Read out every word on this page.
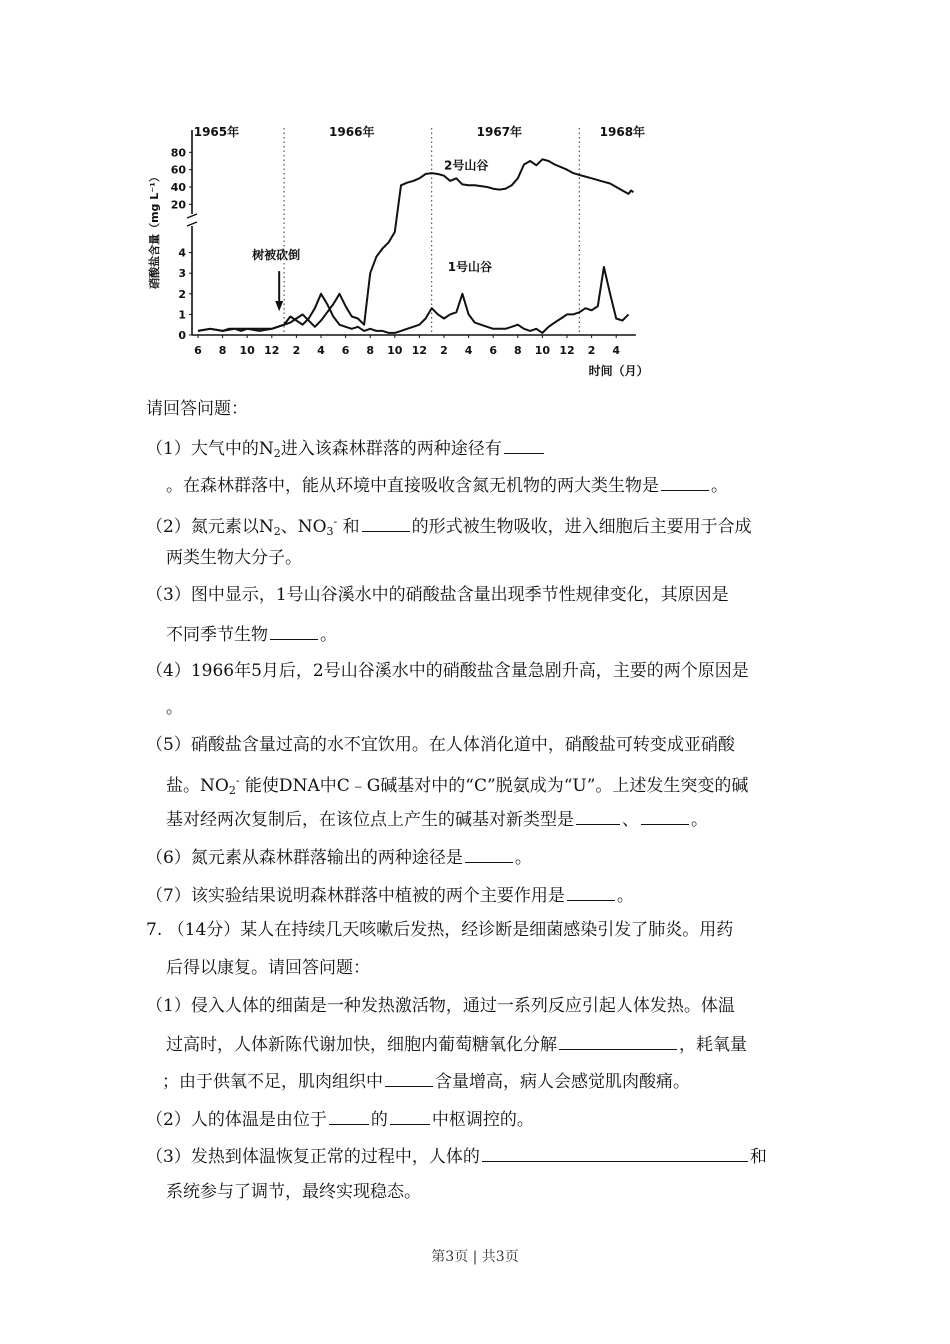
1965年	1966年	1967年	1968年
80
60
40
20
4
3
2
1
0
6 8 10 12 2 4 6 8 10 12 2 4 6 8 10 12 2 4
2号山谷
1号山谷
树被砍倒
硝酸盐含量（mg L⁻¹）
时间（月）
请回答问题：
（1）大气中的$N_2$进入该森林群落的两种途径有
。在森林群落中，能从环境中直接吸收含氮无机物的两大类生物是	。
（2）氮元素以$N_2$、$NO_3^-$ 和	的形式被生物吸收，进入细胞后主要用于合成
两类生物大分子。
（3）图中显示，1号山谷溪水中的硝酸盐含量出现季节性规律变化，其原因是
不同季节生物	。
（4）1966年5月后，2号山谷溪水中的硝酸盐含量急剧升高，主要的两个原因是
。
（5）硝酸盐含量过高的水不宜饮用。在人体消化道中，硝酸盐可转变成亚硝酸
盐。$NO_2^-$ 能使DNA中C﹣G碱基对中的“C”脱氨成为“U”。上述发生突变的碱
基对经两次复制后，在该位点上产生的碱基对新类型是	、	。
（6）氮元素从森林群落输出的两种途径是	。
（7）该实验结果说明森林群落中植被的两个主要作用是	。
7. （14分）某人在持续几天咳嗽后发热，经诊断是细菌感染引发了肺炎。用药
后得以康复。请回答问题：
（1）侵入人体的细菌是一种发热激活物，通过一系列反应引起人体发热。体温
过高时，人体新陈代谢加快，细胞内葡萄糖氧化分解	，耗氧量
；由于供氧不足，肌肉组织中	含量增高，病人会感觉肌肉酸痛。
（2）人的体温是由位于	的	中枢调控的。
（3）发热到体温恢复正常的过程中，人体的	和
系统参与了调节，最终实现稳态。
第3页 | 共3页
